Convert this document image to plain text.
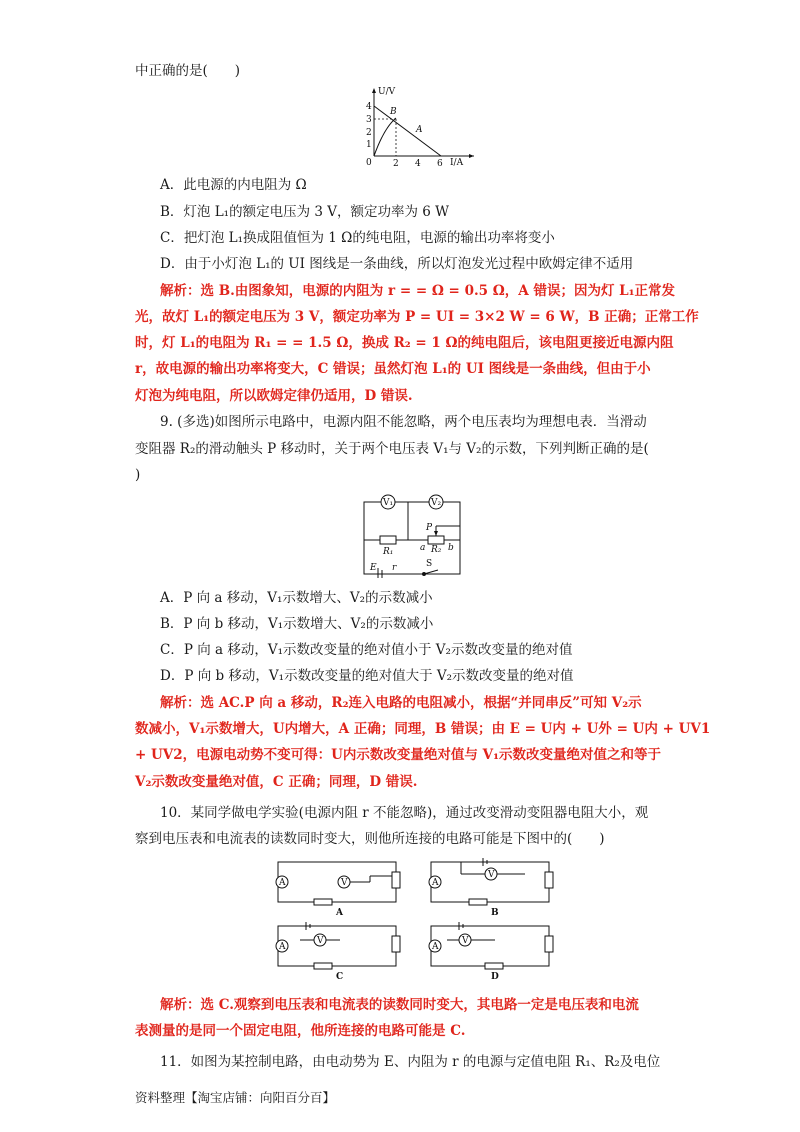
中正确的是(　　)
U/V
I/A
1
2
3
4
2 4 6
0
B
A
A．此电源的内电阻为 Ω
B．灯泡 L₁的额定电压为 3 V，额定功率为 6 W
C．把灯泡 L₁换成阻值恒为 1 Ω的纯电阻，电源的输出功率将变小
D．由于小灯泡 L₁的 UI 图线是一条曲线，所以灯泡发光过程中欧姆定律不适用
解析：选 B.由图象知，电源的内阻为 r = = Ω = 0.5 Ω，A 错误；因为灯 L₁正常发
光，故灯 L₁的额定电压为 3 V，额定功率为 P = UI = 3×2 W = 6 W，B 正确；正常工作
时，灯 L₁的电阻为 R₁ = = 1.5 Ω，换成 R₂ = 1 Ω的纯电阻后，该电阻更接近电源内阻
r，故电源的输出功率将变大，C 错误；虽然灯泡 L₁的 UI 图线是一条曲线，但由于小
灯泡为纯电阻，所以欧姆定律仍适用，D 错误.
9. (多选)如图所示电路中，电源内阻不能忽略，两个电压表均为理想电表．当滑动
变阻器 R₂的滑动触头 P 移动时，关于两个电压表 V₁与 V₂的示数，下列判断正确的是(
)
V₁	V₂
P
R₁	a R₂ b
E r	S
A．P 向 a 移动，V₁示数增大、V₂的示数减小
B．P 向 b 移动，V₁示数增大、V₂的示数减小
C．P 向 a 移动，V₁示数改变量的绝对值小于 V₂示数改变量的绝对值
D．P 向 b 移动，V₁示数改变量的绝对值大于 V₂示数改变量的绝对值
解析：选 AC.P 向 a 移动，R₂连入电路的电阻减小，根据“并同串反”可知 V₂示
数减小，V₁示数增大，U内增大，A 正确；同理，B 错误；由 E = U内 + U外 = U内 + UV1
+ UV2，电源电动势不变可得：U内示数改变量绝对值与 V₁示数改变量绝对值之和等于
V₂示数改变量绝对值，C 正确；同理，D 错误.
10．某同学做电学实验(电源内阻 r 不能忽略)，通过改变滑动变阻器电阻大小，观
察到电压表和电流表的读数同时变大，则他所连接的电路可能是下图中的(　　)
A	V
A
A
V
B
A
V
C
A
V
D
解析：选 C.观察到电压表和电流表的读数同时变大，其电路一定是电压表和电流
表测量的是同一个固定电阻，他所连接的电路可能是 C.
11．如图为某控制电路，由电动势为 E、内阻为 r 的电源与定值电阻 R₁、R₂及电位
资料整理【淘宝店铺：向阳百分百】
